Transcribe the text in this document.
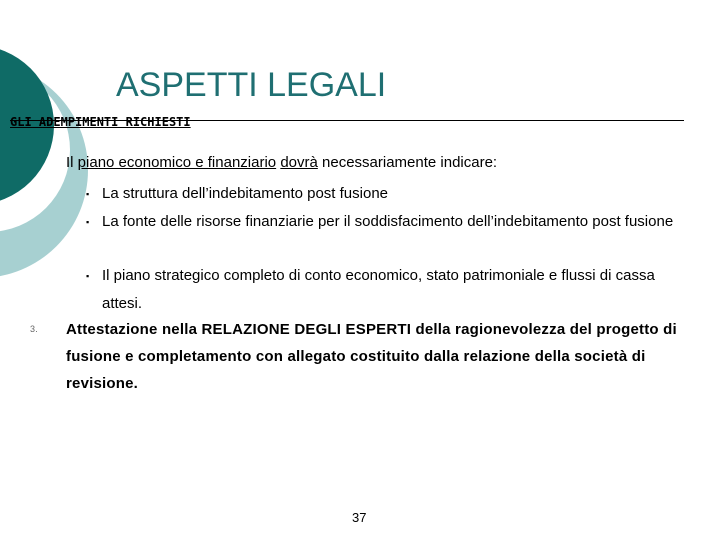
ASPETTI LEGALI
GLI ADEMPIMENTI RICHIESTI
Il piano economico e finanziario dovrà necessariamente indicare:
▪ La struttura dell’indebitamento post fusione
▪ La fonte delle risorse finanziarie per il soddisfacimento dell’indebitamento post fusione
▪ Il piano strategico completo di conto economico, stato patrimoniale e flussi di cassa attesi.
3. Attestazione nella RELAZIONE DEGLI ESPERTI della ragionevolezza del progetto di fusione e completamento con allegato costituito dalla relazione della società di revisione.
37
